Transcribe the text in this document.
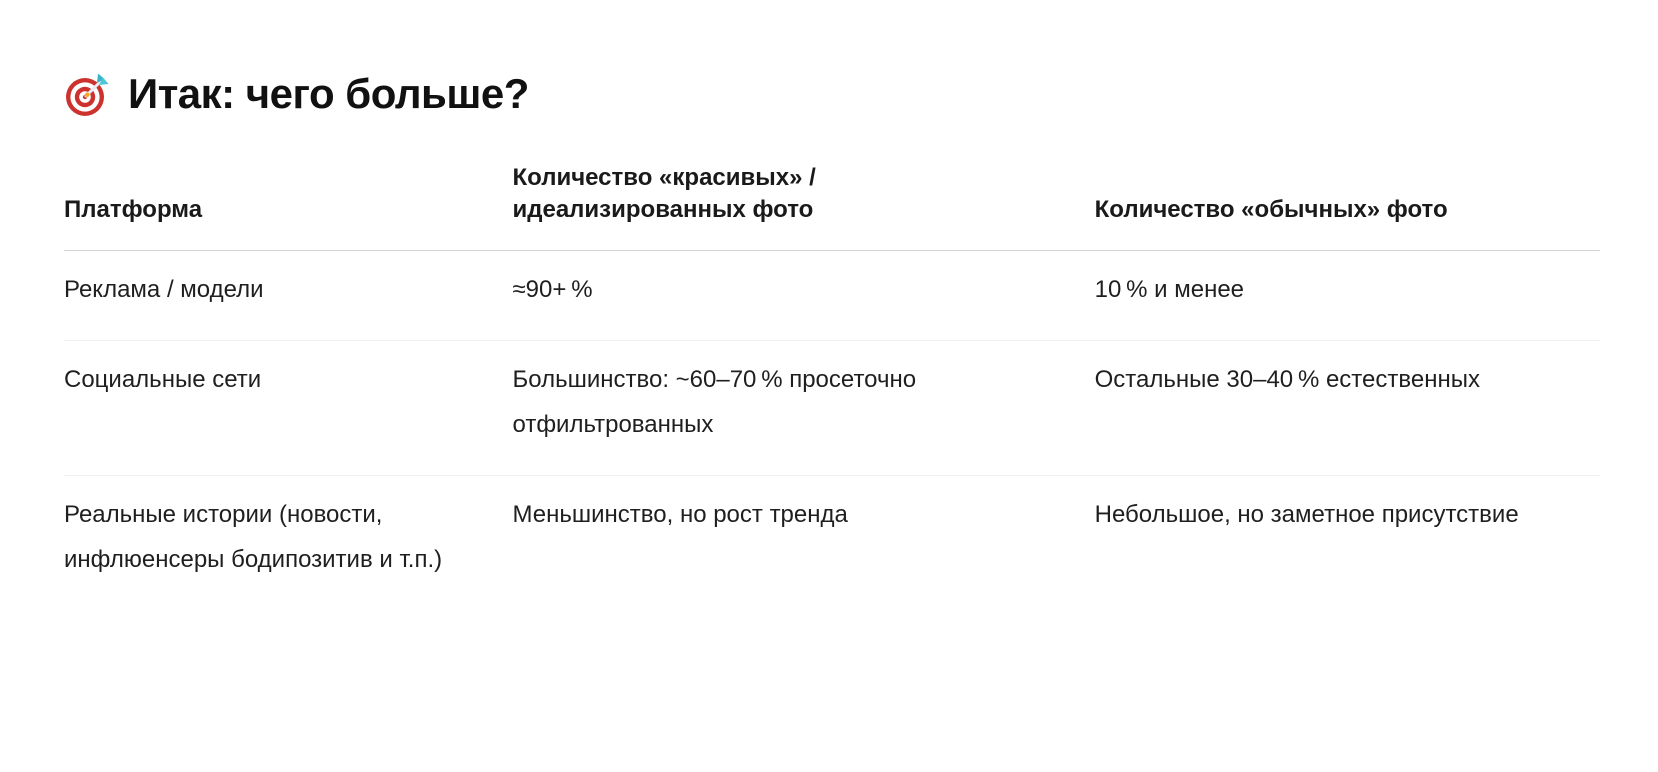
Итак: чего больше?
Платформа	Количество «красивых» / идеализированных фото	Количество «обычных» фото
Реклама / модели	≈90+ %	10 % и менее
Социальные сети	Большинство: ~60–70 % просеточно отфильтрованных	Остальные 30–40 % естественных
Реальные истории (новости, инфлюенсеры бодипозитив и т.п.)	Меньшинство, но рост тренда	Небольшое, но заметное присутствие
